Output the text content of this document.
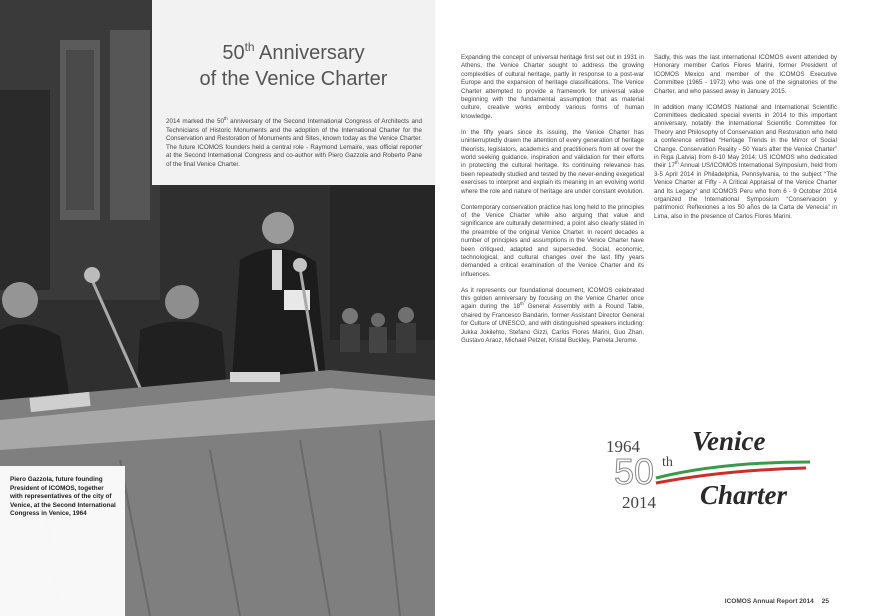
50th Anniversary
of the Venice Charter

2014 marked the 50th anniversary of the Second International Congress of Architects and Technicians of Historic Monuments and the adoption of the International Charter for the Conservation and Restoration of Monuments and Sites, known today as the Venice Charter. The future ICOMOS founders held a central role - Raymond Lemaire, was official reporter at the Second International Congress and co-author with Piero Gazzola and Roberto Pane of the final Venice Charter.

Piero Gazzola, future founding President of ICOMOS, together with representatives of the city of Venice, at the Second International Congress in Venice, 1964

Expanding the concept of universal heritage first set out in 1931 in Athens, the Venice Charter sought to address the growing complexities of cultural heritage, partly in response to a post-war Europe and the expansion of heritage classifications. The Venice Charter attempted to provide a framework for universal value beginning with the fundamental assumption that as material culture, creative works embody various forms of human knowledge.

In the fifty years since its issuing, the Venice Charter has uninterruptedly drawn the attention of every generation of heritage theorists, legislators, academics and practitioners from all over the world seeking guidance, inspiration and validation for their efforts in protecting the cultural heritage. Its continuing relevance has been repeatedly studied and tested by the never-ending exegetical exercises to interpret and explain its meaning in an evolving world where the role and nature of heritage are under constant evolution.

Contemporary conservation practice has long held to the principles of the Venice Charter while also arguing that value and significance are culturally determined, a point also clearly stated in the preamble of the original Venice Charter. In recent decades a number of principles and assumptions in the Venice Charter have been critiqued, adapted and superseded. Social, economic, technological, and cultural changes over the last fifty years demanded a critical examination of the Venice Charter and its influences.

As it represents our foundational document, ICOMOS celebrated this golden anniversary by focusing on the Venice Charter once again during the 18th General Assembly with a Round Table, chaired by Francesco Bandarin, former Assistant Director General for Culture of UNESCO, and with distinguished speakers including: Jukka Jokilehto, Stefano Gizzi, Carlos Flores Marini, Guo Zhan, Gustavo Araoz, Michael Petzet, Kristal Buckley, Pamela Jerome.

Sadly, this was the last international ICOMOS event attended by Honorary member Carlos Flores Marini, former President of ICOMOS Mexico and member of the ICOMOS Executive Committee (1965 - 1972) who was one of the signatories of the Charter, and who passed away in January 2015.

In addition many ICOMOS National and International Scientific Committees dedicated special events in 2014 to this important anniversary, notably the International Scientific Committee for Theory and Philosophy of Conservation and Restoration who held a conference entitled “Heritage Trends in the Mirror of Social Change. Conservation Reality - 50 Years after the Venice Charter” in Riga (Latvia) from 8-10 May 2014; US ICOMOS who dedicated their 17th Annual US/ICOMOS International Symposium, held from 3-5 April 2014 in Philadelphia, Pennsylvania, to the subject “The Venice Charter at Fifty - A Critical Appraisal of the Venice Charter and Its Legacy” and ICOMOS Peru who from 6 - 9 October 2014 organized the International Symposium “Conservación y patrimonio: Reflexiones a los 50 años de la Carta de Venecia” in Lima, also in the presence of Carlos Flores Marini.

1964
50 th
2014
Venice
Charter
ICOMOS Annual Report 2014 25
